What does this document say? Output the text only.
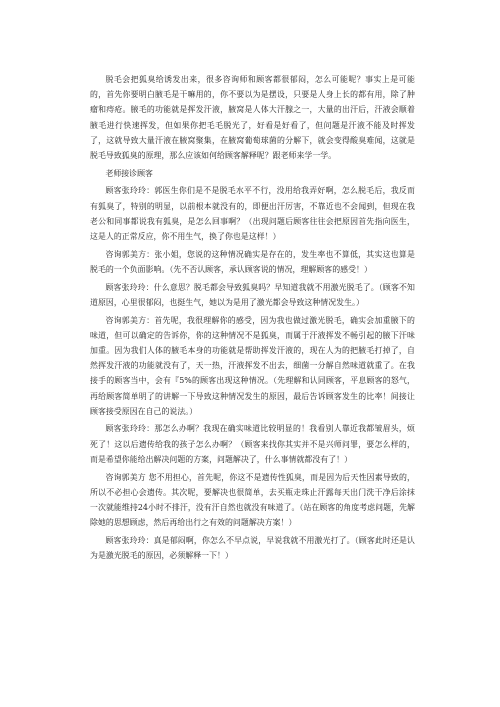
脱毛会把狐臭给诱发出来，很多咨询师和顾客都很郁闷，怎么可能呢？事实上是可能的，首先你要明白腋毛是干嘛用的，你不要以为是摆设，只要是人身上长的都有用，除了肿瘤和痔疮。腋毛的功能就是挥发汗液，腋窝是人体大汗腺之一，大量的出汗后，汗液会顺着腋毛进行快速挥发，但如果你把毛毛脱光了，好看是好看了，但问题是汗液不能及时挥发了，这就导致大量汗液在腋窝聚集，在腋窝葡萄球菌的分解下，就会变得酸臭难闻，这就是脱毛导致狐臭的原理，那么应该如何给顾客解释呢？跟老师来学一学。

老师接诊顾客

顾客张玲玲：郭医生你们是不是脱毛水平不行，没用给我弄好啊，怎么脱毛后，我反而有狐臭了，特别的明显，以前根本就没有的，即便出汗厉害，不靠近也不会闻到，但现在我老公和同事都说我有狐臭，是怎么回事啊？（出现问题后顾客往往会把原因首先指向医生，这是人的正常反应，你不用生气，换了你也是这样！）

咨询郭美方：张小姐，您说的这种情况确实是存在的，发生率也不算低，其实这也算是脱毛的一个负面影响。（先不否认顾客，承认顾客说的情况，理解顾客的感受！）

顾客张玲玲：什么意思？脱毛都会导致狐臭吗？早知道我就不用激光脱毛了。（顾客不知道原因，心里很郁闷，也挺生气，她以为是用了激光都会导致这种情况发生。）

咨询郭美方：首先呢，我很理解你的感受，因为我也做过激光脱毛，确实会加重腋下的味道，但可以确定的告诉你，你的这种情况不是狐臭，而属于汗液挥发不畅引起的腋下汗味加重。因为我们人体的腋毛本身的功能就是帮助挥发汗液的，现在人为的把腋毛打掉了，自然挥发汗液的功能就没有了，天一热，汗液挥发不出去，细菌一分解自然味道就重了。在我接手的顾客当中，会有『5%的顾客出现这种情况。（先理解和认同顾客，平息顾客的怒气，再给顾客简单明了的讲解一下导致这种情况发生的原因，最后告诉顾客发生的比率！间接让顾客接受原因在自己的说法。）

顾客张玲玲：那怎么办啊？我现在确实味道比较明显的！我看别人靠近我都皱眉头，烦死了！这以后遗传给我的孩子怎么办啊？（顾客来找你其实并不是兴师问罪，要怎么样的，而是希望你能给出解决问题的方案，问题解决了，什么事情就都没有了！）

咨询郭美方 您不用担心，首先呢，你这不是遗传性狐臭，而是因为后天性因素导致的，所以不必担心会遗传。其次呢，要解决也很简单，去买瓶走珠止汗露每天出门洗干净后涂抹一次就能维持24小时不排汗，没有汗自然也就没有味道了。（站在顾客的角度考虑问题，先解除她的思想顾虑，然后再给出行之有效的问题解决方案！）

顾客张玲玲：真是郁闷啊，你怎么不早点说，早说我就不用激光打了。（顾客此时还是认为是激光脱毛的原因，必须解释一下！）
